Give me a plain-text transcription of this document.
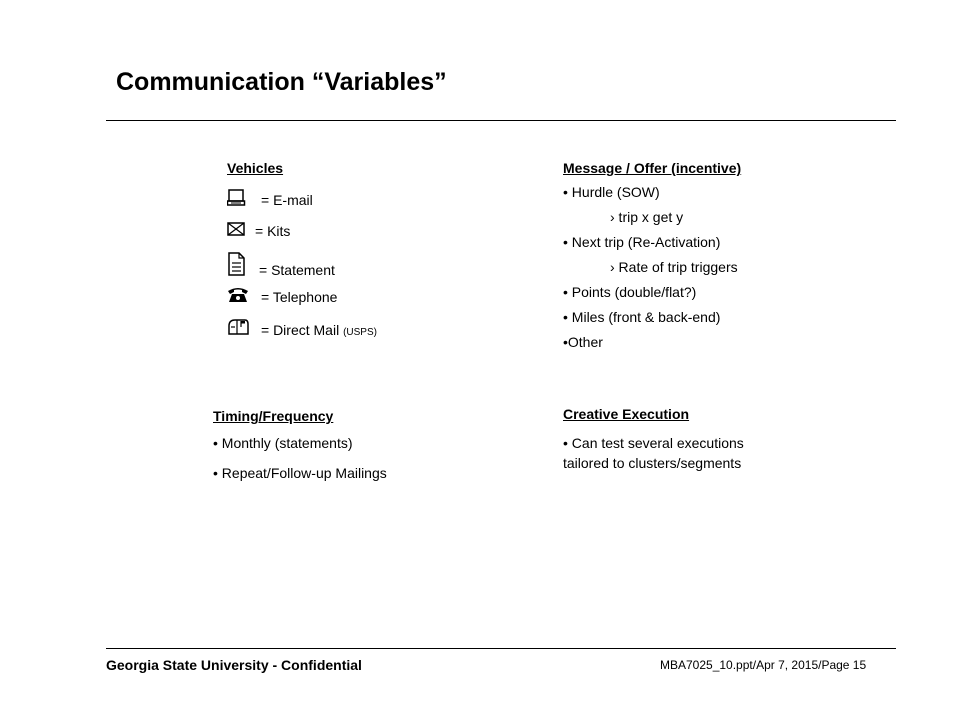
Communication “Variables”
Vehicles
= E-mail
= Kits
= Statement
= Telephone
= Direct Mail (USPS)
Message / Offer (incentive)
• Hurdle (SOW)
› trip x get y
• Next trip (Re-Activation)
› Rate of trip triggers
• Points (double/flat?)
• Miles (front & back-end)
•Other
Timing/Frequency
• Monthly (statements)
• Repeat/Follow-up Mailings
Creative Execution
• Can test several executions
tailored to clusters/segments
Georgia State University - Confidential	MBA7025_10.ppt/Apr 7, 2015/Page 15
